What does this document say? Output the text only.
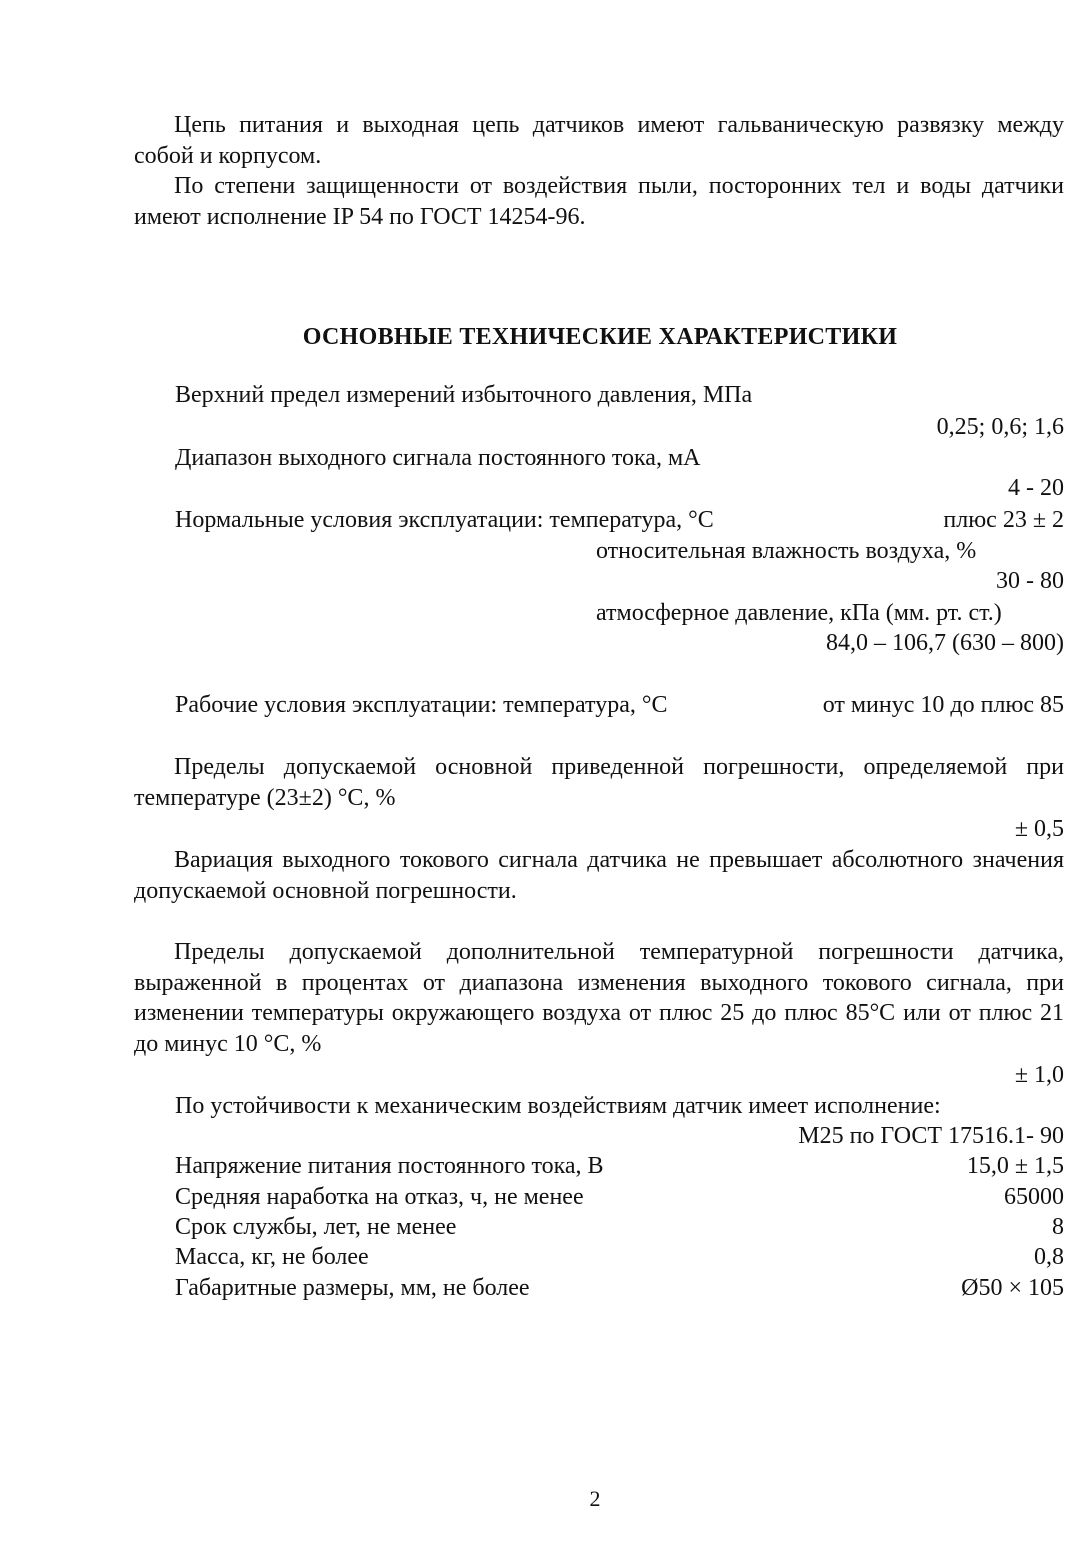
Цепь питания и выходная цепь датчиков имеют гальваническую развязку между собой и корпусом.

По степени защищенности от воздействия пыли, посторонних тел и воды датчики имеют исполнение IP 54 по ГОСТ 14254-96.

ОСНОВНЫЕ ТЕХНИЧЕСКИЕ ХАРАКТЕРИСТИКИ
Верхний предел измерений избыточного давления, МПа
0,25; 0,6; 1,6
Диапазон выходного сигнала постоянного тока, мА
4 - 20
Нормальные условия эксплуатации: температура, °С	плюс 23 ± 2
относительная влажность воздуха, %
30 - 80
атмосферное давление, кПа (мм. рт. ст.)
84,0 – 106,7 (630 – 800)
Рабочие условия эксплуатации: температура, °С	от минус 10 до плюс 85

Пределы допускаемой основной приведенной погрешности, определяемой при температуре (23±2) °С, %

± 0,5

Вариация выходного токового сигнала датчика не превышает абсолютного значения допускаемой основной погрешности.

Пределы допускаемой дополнительной температурной погрешности датчика, выраженной в процентах от диапазона изменения выходного токового сигнала, при изменении температуры окружающего воздуха от плюс 25 до плюс 85°С или от плюс 21 до минус 10 °С, %

± 1,0
По устойчивости к механическим воздействиям датчик имеет исполнение:
М25 по ГОСТ 17516.1- 90
Напряжение питания постоянного тока, В	15,0 ± 1,5
Средняя наработка на отказ, ч, не менее	65000
Срок службы, лет, не менее	8
Масса, кг, не более	0,8
Габаритные размеры, мм, не более	Ø50 × 105
2
